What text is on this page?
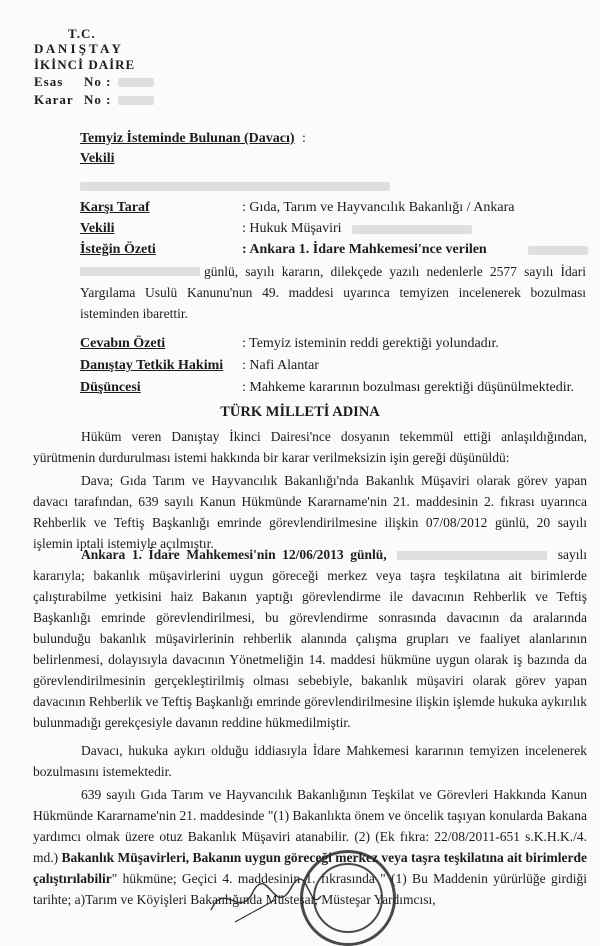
T.C.
D A N I Ş T A Y
İKİNCİ DAİRE
Esas No :
Karar No :
Temyiz İsteminde Bulunan (Davacı) :
Vekili
Karşı Taraf	: Gıda, Tarım ve Hayvancılık Bakanlığı / Ankara
Vekili	: Hukuk Müşaviri
İsteğin Özeti	: Ankara 1. İdare Mahkemesi'nce verilen
günlü, sayılı kararın, dilekçede yazılı nedenlerle 2577 sayılı İdari Yargılama Usulü Kanunu'nun 49. maddesi uyarınca temyizen incelenerek bozulması isteminden ibarettir.
Cevabın Özeti	: Temyiz isteminin reddi gerektiği yolundadır.
Danıştay Tetkik Hakimi : Nafi Alantar
Düşüncesi	: Mahkeme kararının bozulması gerektiği düşünülmektedir.
TÜRK MİLLETİ ADINA
Hüküm veren Danıştay İkinci Dairesi'nce dosyanın tekemmül ettiği anlaşıldığından, yürütmenin durdurulması istemi hakkında bir karar verilmeksizin işin gereği düşünüldü:
Dava; Gıda Tarım ve Hayvancılık Bakanlığı'nda Bakanlık Müşaviri olarak görev yapan davacı tarafından, 639 sayılı Kanun Hükmünde Kararname'nin 21. maddesinin 2. fıkrası uyarınca Rehberlik ve Teftiş Başkanlığı emrinde görevlendirilmesine ilişkin 07/08/2012 günlü, 20 sayılı işlemin iptali istemiyle açılmıştır.
Ankara 1. İdare Mahkemesi'nin 12/06/2013 günlü,	sayılı kararıyla; bakanlık müşavirlerini uygun göreceği merkez veya taşra teşkilatına ait birimlerde çalıştırabilme yetkisini haiz Bakanın yaptığı görevlendirme ile davacının Rehberlik ve Teftiş Başkanlığı emrinde görevlendirilmesi, bu görevlendirme sonrasında davacının da aralarında bulunduğu bakanlık müşavirlerinin rehberlik alanında çalışma grupları ve faaliyet alanlarının belirlenmesi, dolayısıyla davacının Yönetmeliğin 14. maddesi hükmüne uygun olarak iş bazında da görevlendirilmesinin gerçekleştirilmiş olması sebebiyle, bakanlık müşaviri olarak görev yapan davacının Rehberlik ve Teftiş Başkanlığı emrinde görevlendirilmesine ilişkin işlemde hukuka aykırılık bulunmadığı gerekçesiyle davanın reddine hükmedilmiştir.
Davacı, hukuka aykırı olduğu iddiasıyla İdare Mahkemesi kararının temyizen incelenerek bozulmasını istemektedir.
639 sayılı Gıda Tarım ve Hayvancılık Bakanlığının Teşkilat ve Görevleri Hakkında Kanun Hükmünde Kararname'nin 21. maddesinde "(1) Bakanlıkta önem ve öncelik taşıyan konularda Bakana yardımcı olmak üzere otuz Bakanlık Müşaviri atanabilir. (2) (Ek fıkra: 22/08/2011-651 s.K.H.K./4. md.) Bakanlık Müşavirleri, Bakanın uygun göreceği merkez veya taşra teşkilatına ait birimlerde çalıştırılabilir" hükmüne; Geçici 4. maddesinin 1. fıkrasında " (1) Bu Maddenin yürürlüğe girdiği tarihte; a)Tarım ve Köyişleri Bakanlığında Müsteşar, Müsteşar Yardımcısı,
